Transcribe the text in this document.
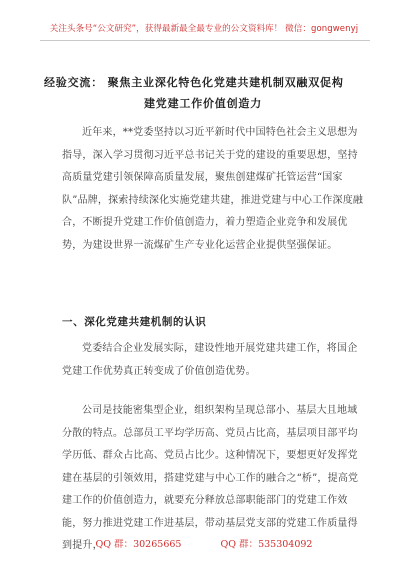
关注头条号“公文研究”，获得最新最全最专业的公文资料库！ 微信：gongwenyj
经验交流： 聚焦主业深化特色化党建共建机制双融双促构
建党建工作价值创造力

近年来，**党委坚持以习近平新时代中国特色社会主义思想为指导，深入学习贯彻习近平总书记关于党的建设的重要思想，坚持高质量党建引领保障高质量发展，聚焦创建煤矿托管运营“国家队”品牌，探索持续深化实施党建共建，推进党建与中心工作深度融合，不断提升党建工作价值创造力，着力塑造企业竞争和发展优势，为建设世界一流煤矿生产专业化运营企业提供坚强保证。

一、深化党建共建机制的认识

党委结合企业发展实际，建设性地开展党建共建工作，将国企党建工作优势真正转变成了价值创造优势。

公司是技能密集型企业，组织架构呈现总部小、基层大且地域分散的特点。总部员工平均学历高、党员占比高，基层项目部平均学历低、群众占比高、党员占比少。这种情况下，要想更好发挥党建在基层的引领效用，搭建党建与中心工作的融合之“桥”，提高党建工作的价值创造力，就要充分释放总部职能部门的党建工作效能，努力推进党建工作进基层，带动基层党支部的党建工作质量得到提升，

QQ 群：30265665	QQ 群：535304092
